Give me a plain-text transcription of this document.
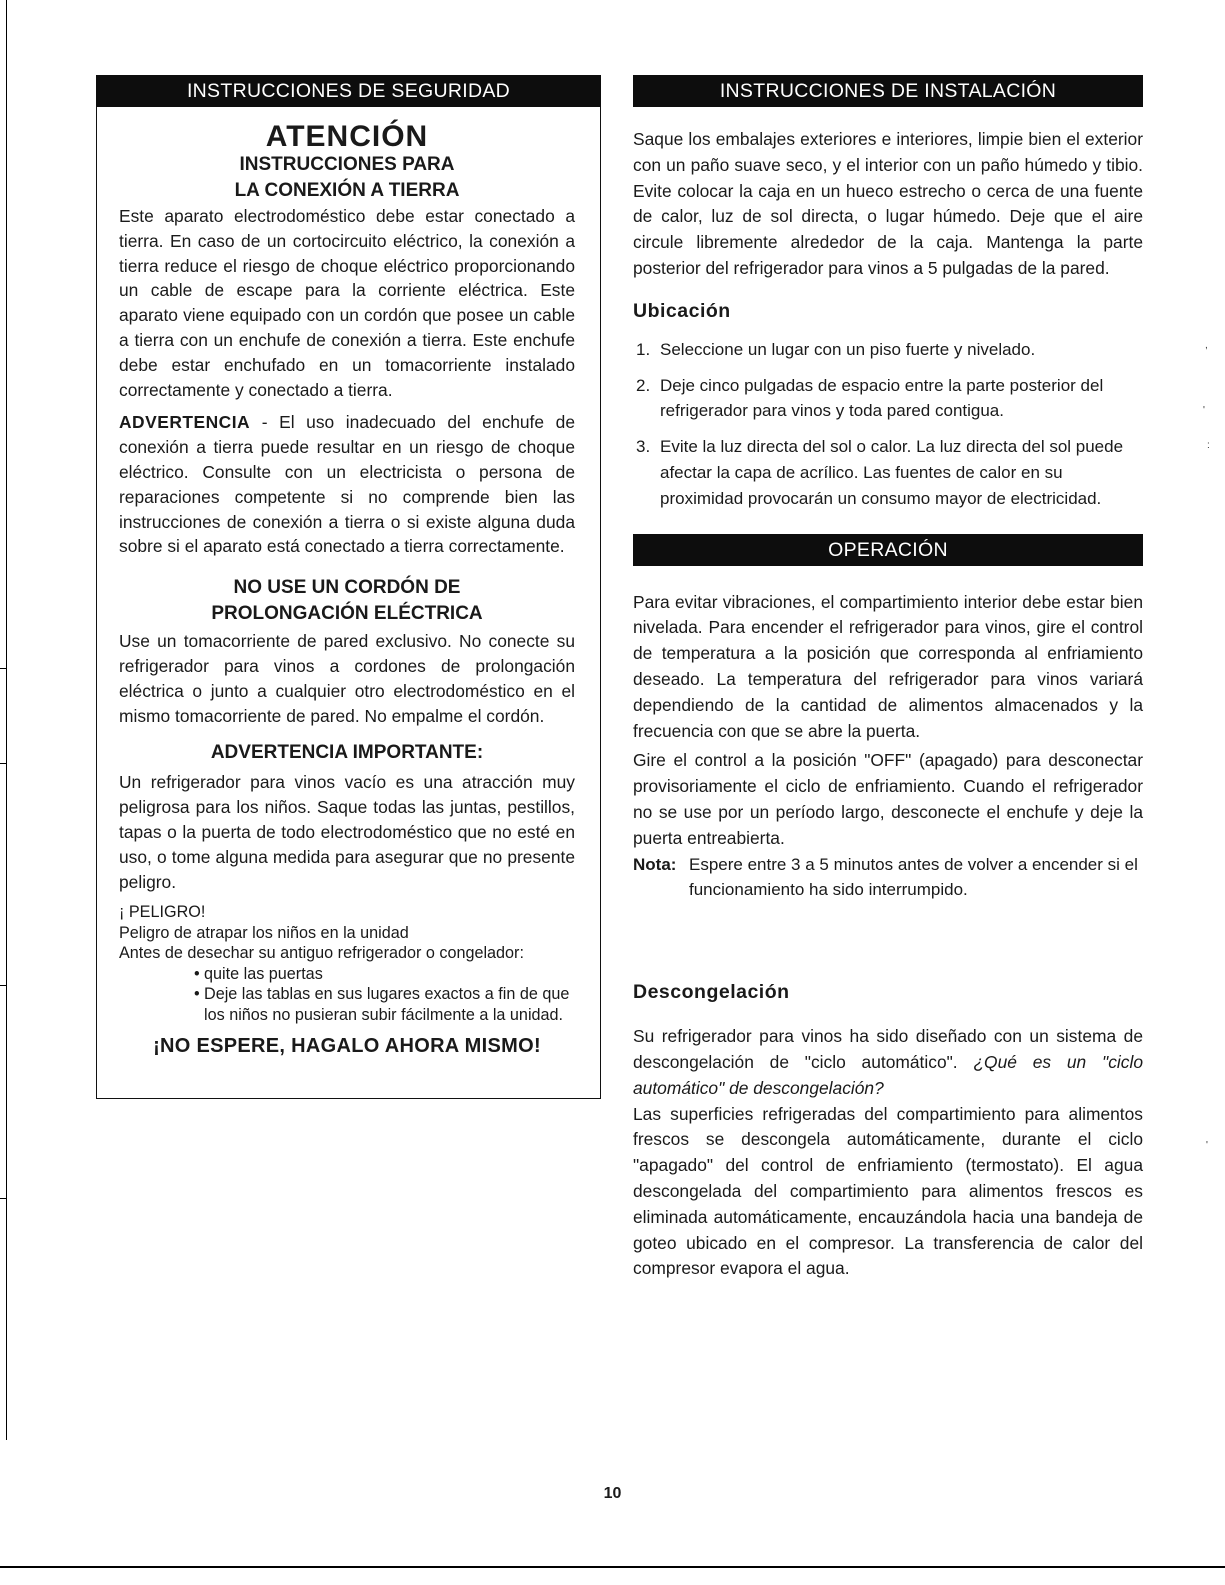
,
'
:
'
INSTRUCCIONES DE SEGURIDAD
ATENCIÓN
INSTRUCCIONES PARA
LA CONEXIÓN A TIERRA

Este aparato electrodoméstico debe estar conectado a tierra. En caso de un cortocircuito eléctrico, la conexión a tierra reduce el riesgo de choque eléctrico proporcionando un cable de escape para la corriente eléctrica. Este aparato viene equipado con un cordón que posee un cable a tierra con un enchufe de conexión a tierra. Este enchufe debe estar enchufado en un tomacorriente instalado correctamente y conectado a tierra.

ADVERTENCIA - El uso inadecuado del enchufe de conexión a tierra puede resultar en un riesgo de choque eléctrico. Consulte con un electricista o persona de reparaciones competente si no comprende bien las instrucciones de conexión a tierra o si existe alguna duda sobre si el aparato está conectado a tierra correctamente.

NO USE UN CORDÓN DE
PROLONGACIÓN ELÉCTRICA

Use un tomacorriente de pared exclusivo. No conecte su refrigerador para vinos a cordones de prolongación eléctrica o junto a cualquier otro electrodoméstico en el mismo tomacorriente de pared. No empalme el cordón.

ADVERTENCIA IMPORTANTE:

Un refrigerador para vinos vacío es una atracción muy peligrosa para los niños. Saque todas las juntas, pestillos, tapas o la puerta de todo electrodoméstico que no esté en uso, o tome alguna medida para asegurar que no presente peligro.

¡ PELIGRO!

Peligro de atrapar los niños en la unidad

Antes de desechar su antiguo refrigerador o congelador:

• quite las puertas
• Deje las tablas en sus lugares exactos a fin de que los niños no pusieran subir fácilmente a la unidad.
¡NO ESPERE, HAGALO AHORA MISMO!
INSTRUCCIONES DE INSTALACIÓN

Saque los embalajes exteriores e interiores, limpie bien el exterior con un paño suave seco, y el interior con un paño húmedo y tibio. Evite colocar la caja en un hueco estrecho o cerca de una fuente de calor, luz de sol directa, o lugar húmedo. Deje que el aire circule libremente alrededor de la caja. Mantenga la parte posterior del refrigerador para vinos a 5 pulgadas de la pared.

Ubicación

1. Seleccione un lugar con un piso fuerte y nivelado.
2. Deje cinco pulgadas de espacio entre la parte posterior del refrigerador para vinos y toda pared contigua.
3. Evite la luz directa del sol o calor. La luz directa del sol puede afectar la capa de acrílico. Las fuentes de calor en su proximidad provocarán un consumo mayor de electricidad.
OPERACIÓN

Para evitar vibraciones, el compartimiento interior debe estar bien nivelada. Para encender el refrigerador para vinos, gire el control de temperatura a la posición que corresponda al enfriamiento deseado. La temperatura del refrigerador para vinos variará dependiendo de la cantidad de alimentos almacenados y la frecuencia con que se abre la puerta.

Gire el control a la posición "OFF" (apagado) para desconectar provisoriamente el ciclo de enfriamiento. Cuando el refrigerador no se use por un período largo, desconecte el enchufe y deje la puerta entreabierta.

Nota: Espere entre 3 a 5 minutos antes de volver a encender si el funcionamiento ha sido interrumpido.

Descongelación

Su refrigerador para vinos ha sido diseñado con un sistema de descongelación de "ciclo automático". ¿Qué es un "ciclo automático" de descongelación?

Las superficies refrigeradas del compartimiento para alimentos frescos se descongela automáticamente, durante el ciclo "apagado" del control de enfriamiento (termostato). El agua descongelada del compartimiento para alimentos frescos es eliminada automáticamente, encauzándola hacia una bandeja de goteo ubicado en el compresor. La transferencia de calor del compresor evapora el agua.

10
